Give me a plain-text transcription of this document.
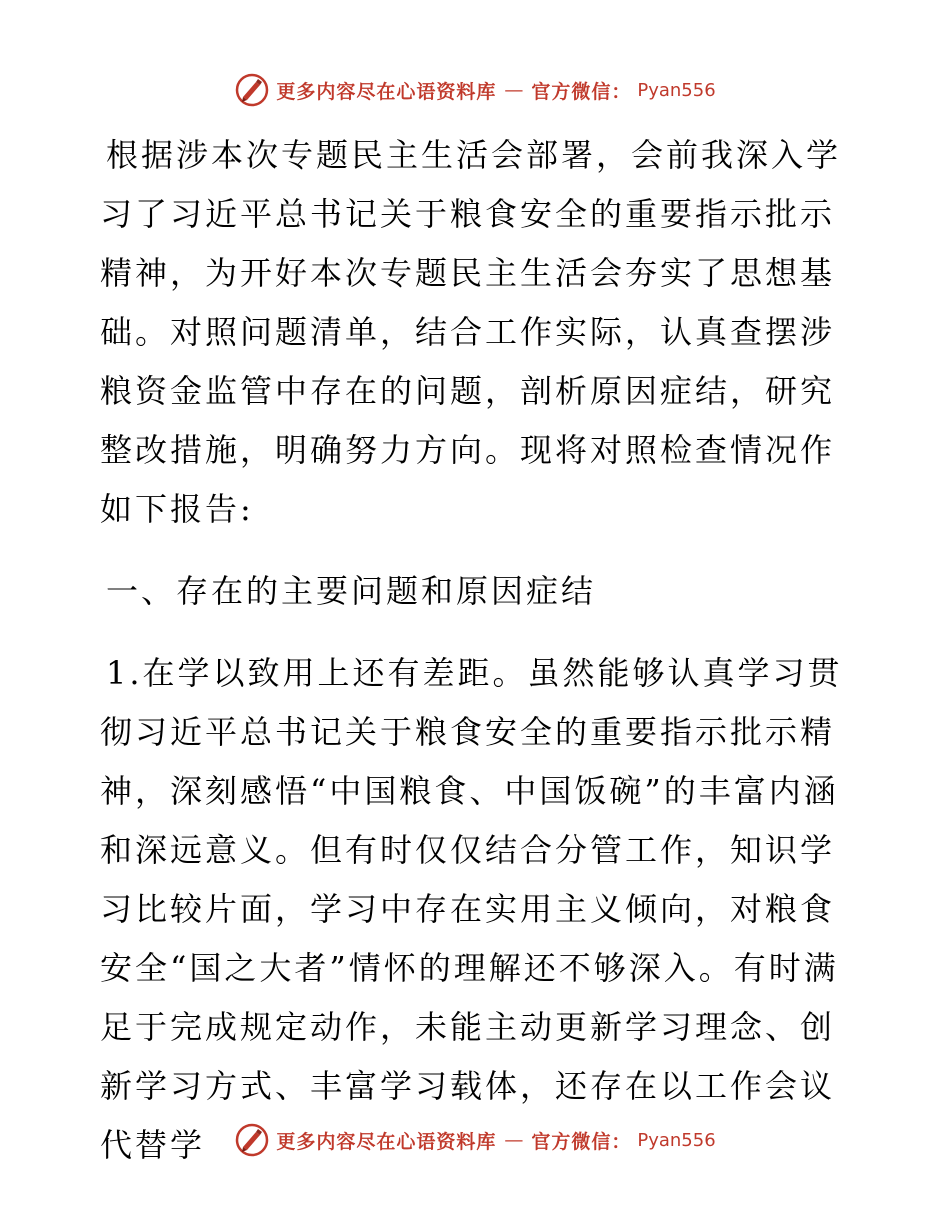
更多内容尽在心语资料库 — 官方微信： Pyan556

根据涉本次专题民主生活会部署，会前我深入学习了习近平总书记关于粮食安全的重要指示批示精神，为开好本次专题民主生活会夯实了思想基础。对照问题清单，结合工作实际，认真查摆涉粮资金监管中存在的问题，剖析原因症结，研究整改措施，明确努力方向。现将对照检查情况作如下报告:

一、存在的主要问题和原因症结

1.在学以致用上还有差距。虽然能够认真学习贯彻习近平总书记关于粮食安全的重要指示批示精神，深刻感悟“中国粮食、中国饭碗”的丰富内涵和深远意义。但有时仅仅结合分管工作，知识学习比较片面，学习中存在实用主义倾向，对粮食安全“国之大者”情怀的理解还不够深入。有时满足于完成规定动作，未能主动更新学习理念、创新学习方式、丰富学习载体，还存在以工作会议代替学	更多内容尽在心语资料库 — 官方微信： Pyan556
